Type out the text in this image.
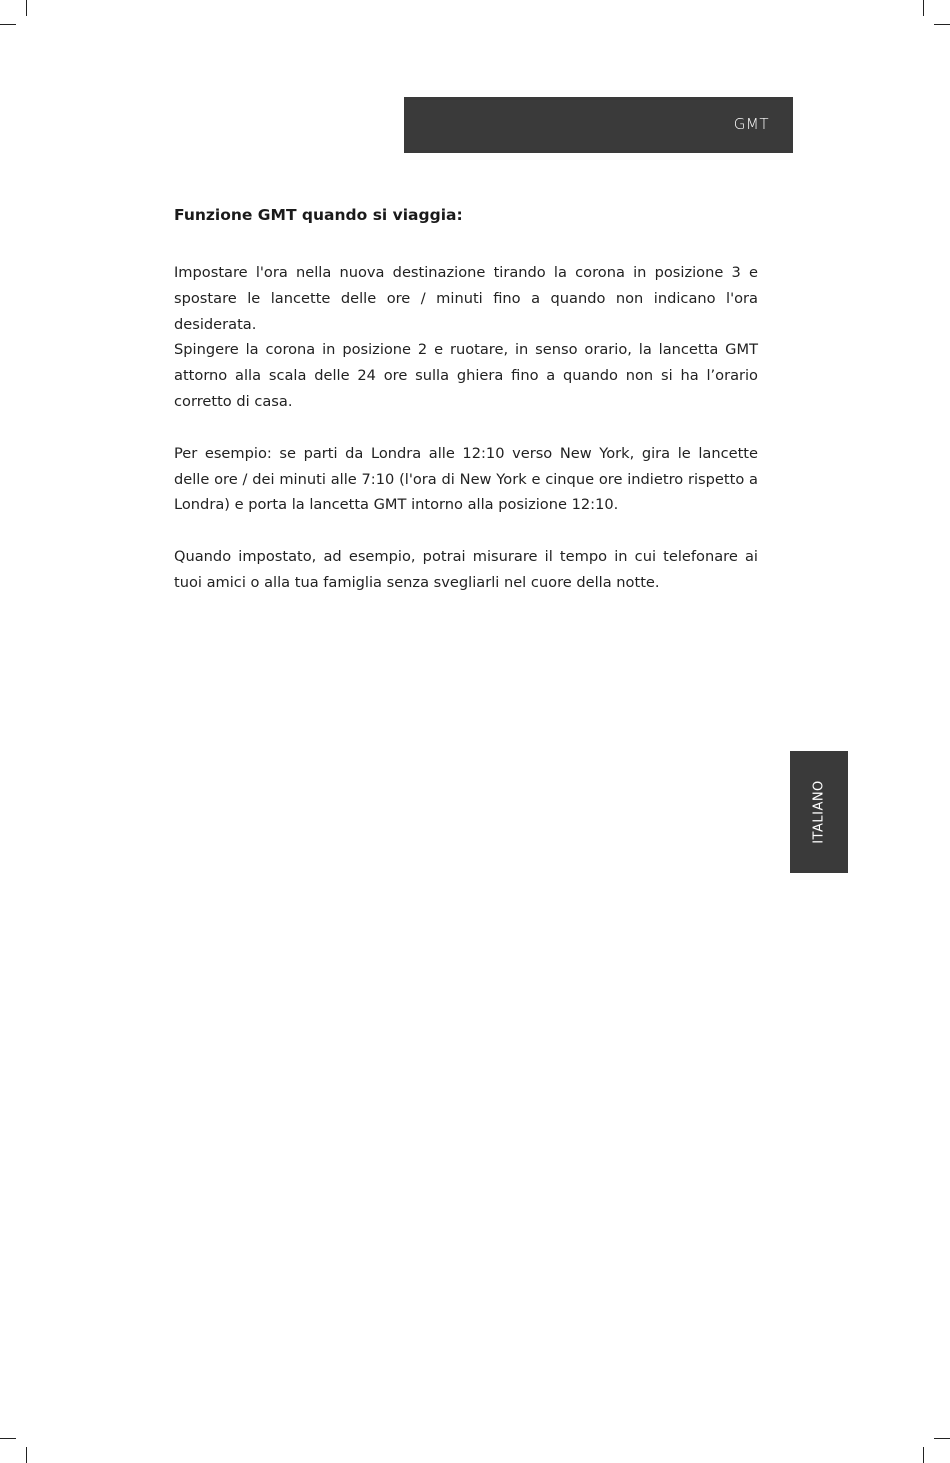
GMT
Funzione GMT quando si viaggia:

Impostare l'ora nella nuova destinazione tirando la corona in posizione 3 e spostare le lancette delle ore / minuti fino a quando non indicano l'ora desiderata.

Spingere la corona in posizione 2 e ruotare, in senso orario, la lancetta GMT attorno alla scala delle 24 ore sulla ghiera fino a quando non si ha l’orario corretto di casa.

Per esempio: se parti da Londra alle 12:10 verso New York, gira le lancette delle ore / dei minuti alle 7:10 (l'ora di New York e cinque ore indietro rispetto a Londra) e porta la lancetta GMT intorno alla posizione 12:10.

Quando impostato, ad esempio, potrai misurare il tempo in cui telefonare ai tuoi amici o alla tua famiglia senza svegliarli nel cuore della notte.

ITALIANO
